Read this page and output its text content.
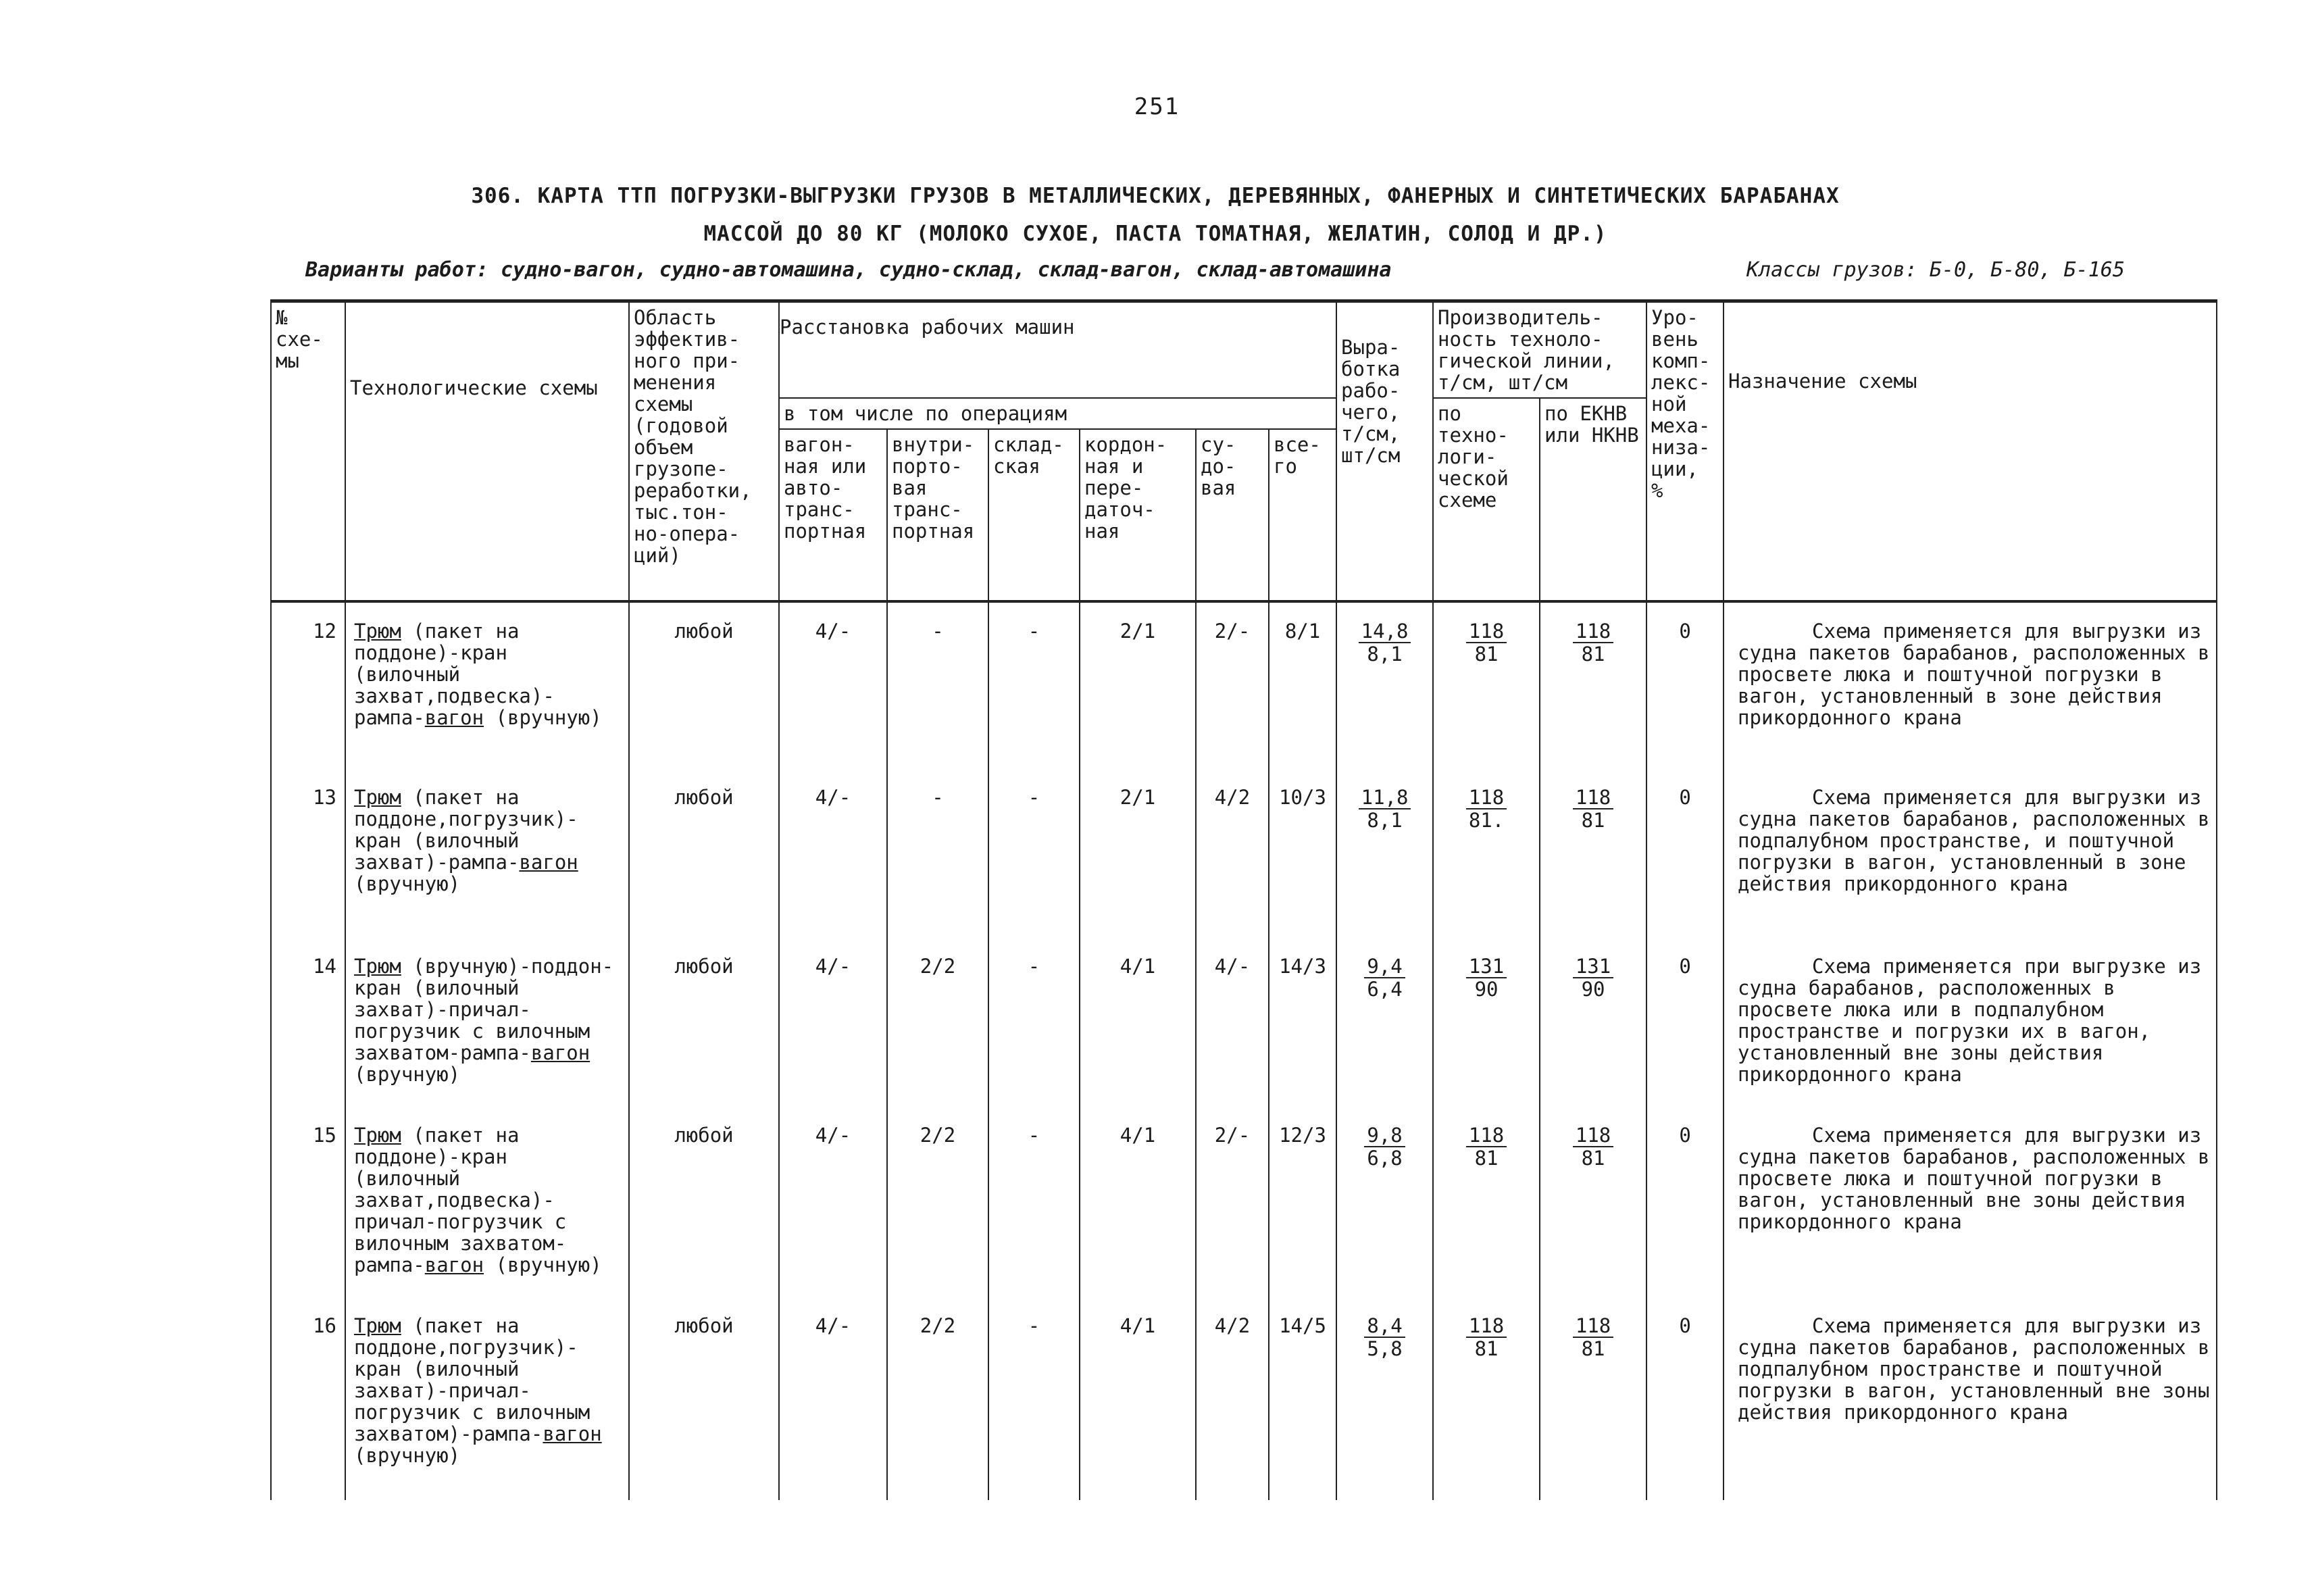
251
306. КАРТА ТТП ПОГРУЗКИ-ВЫГРУЗКИ ГРУЗОВ В МЕТАЛЛИЧЕСКИХ, ДЕРЕВЯННЫХ, ФАНЕРНЫХ И СИНТЕТИЧЕСКИХ БАРАБАНАХ
МАССОЙ ДО 80 КГ (МОЛОКО СУХОЕ, ПАСТА ТОМАТНАЯ, ЖЕЛАТИН, СОЛОД И ДР.)
Варианты работ: судно-вагон, судно-автомашина, судно-склад, склад-вагон, склад-автомашина	Классы грузов: Б-0, Б-80, Б-165
№ схе- мы	Технологические схемы	Область эффектив- ного при- менения схемы (годовой объем грузопе- реработки, тыс.тон- но-опера- ций)	Расстановка рабочих машин						Выра- ботка рабо- чего, т/см, шт/см	Производитель- ность техноло- гической линии, т/см, шт/см		Уро- вень комп- лекс- ной меха- низа- ции, %	Назначение схемы
			в том числе по операциям							по техно- логи- ческой схеме	по ЕКНВ или НКНВ		
			вагон- ная или авто- транс- портная	внутри- порто- вая транс- портная	склад- ская	кордон- ная и пере- даточ- ная	су- до- вая	все- го					
12	Трюм (пакет на поддоне)-кран (вилочный захват,подвеска)-рампа-вагон (вручную)	любой	4/-	-	-	2/1	2/-	8/1	$\frac{14,8}{8,1}$	$\frac{118}{81}$	$\frac{118}{81}$	0	Схема применяется для выгрузки из судна пакетов барабанов, расположенных в просвете люка и поштучной погрузки в вагон, установленный в зоне действия прикордонного крана

13	Трюм (пакет на поддоне,погрузчик)-кран (вилочный захват)-рампа-вагон (вручную)	любой	4/-	-	-	2/1	4/2	10/3	$\frac{11,8}{8,1}$	$\frac{118}{81.}$	$\frac{118}{81}$	0	Схема применяется для выгрузки из судна пакетов барабанов, расположенных в подпалубном пространстве, и поштучной погрузки в вагон, установленный в зоне действия прикордонного крана

14	Трюм (вручную)-поддон-кран (вилочный захват)-причал-погрузчик с вилочным захватом-рампа-вагон (вручную)	любой	4/-	2/2	-	4/1	4/-	14/3	$\frac{9,4}{6,4}$	$\frac{131}{90}$	$\frac{131}{90}$	0	Схема применяется при выгрузке из судна барабанов, расположенных в просвете люка или в подпалубном пространстве и погрузки их в вагон, установленный вне зоны действия прикордонного крана

15	Трюм (пакет на поддоне)-кран (вилочный захват,подвеска)-причал-погрузчик с вилочным захватом-рампа-вагон (вручную)	любой	4/-	2/2	-	4/1	2/-	12/3	$\frac{9,8}{6,8}$	$\frac{118}{81}$	$\frac{118}{81}$	0	Схема применяется для выгрузки из судна пакетов барабанов, расположенных в просвете люка и поштучной погрузки в вагон, установленный вне зоны действия прикордонного крана

16	Трюм (пакет на поддоне,погрузчик)-кран (вилочный захват)-причал-погрузчик с вилочным захватом)-рампа-вагон (вручную)	любой	4/-	2/2	-	4/1	4/2	14/5	$\frac{8,4}{5,8}$	$\frac{118}{81}$	$\frac{118}{81}$	0	Схема применяется для выгрузки из судна пакетов барабанов, расположенных в подпалубном пространстве и поштучной погрузки в вагон, установленный вне зоны действия прикордонного крана
